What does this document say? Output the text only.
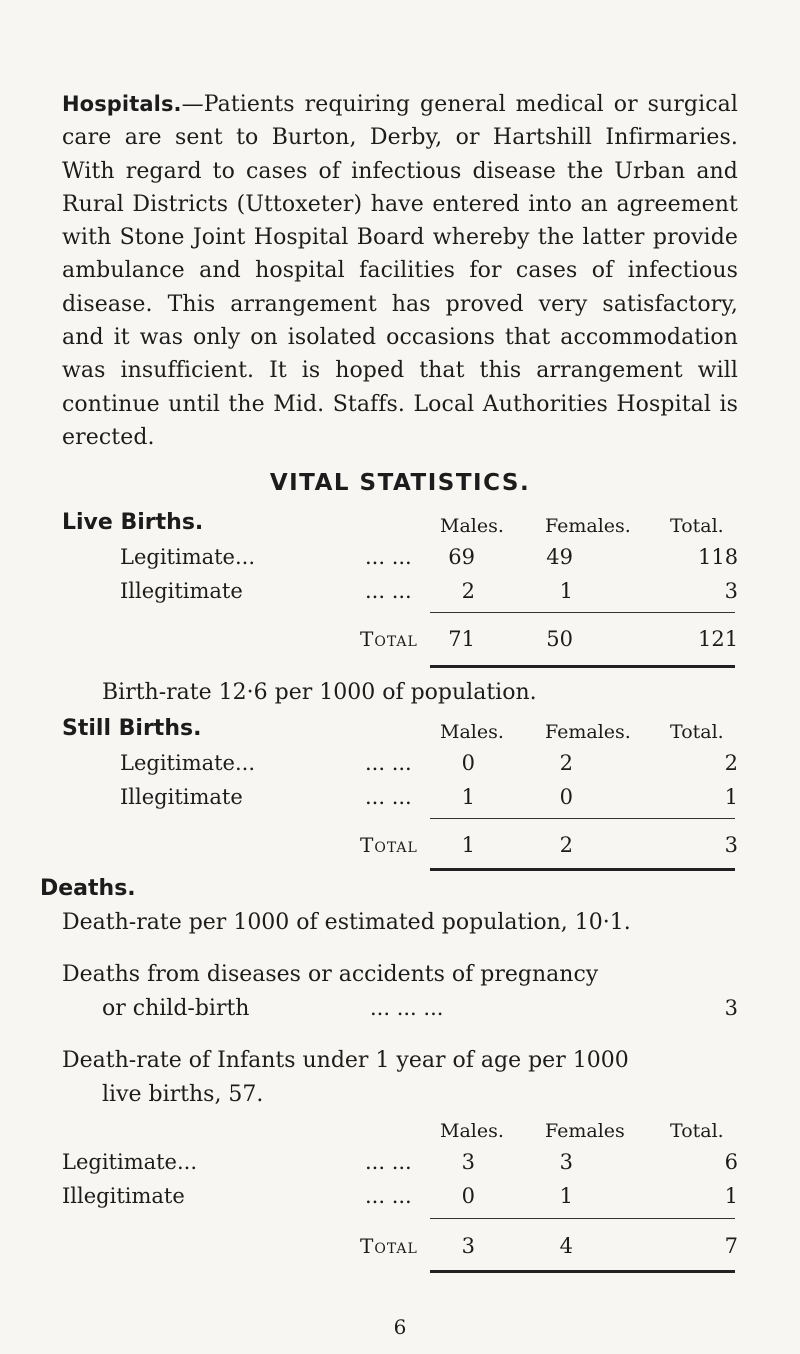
Hospitals.—Patients requiring general medical or surgical care are sent to Burton, Derby, or Hartshill Infirmaries. With regard to cases of infectious disease the Urban and Rural Districts (Uttoxeter) have entered into an agreement with Stone Joint Hospital Board whereby the latter provide ambulance and hospital facilities for cases of infectious disease. This arrangement has proved very satisfactory, and it was only on isolated occasions that accommodation was insufficient. It is hoped that this arrangement will continue until the Mid. Staffs. Local Authorities Hospital is erected.

VITAL STATISTICS.
Live Births.	Males. Females. Total.
Legitimate...	... ...	69	49	118
Illegitimate	... ...	2	1	3
Total	71	50	121
Birth-rate 12·6 per 1000 of population.
Still Births.	Males. Females. Total.
Legitimate...	... ...	0	2	2
Illegitimate	... ...	1	0	1
Total	1	2	3
Deaths.
Death-rate per 1000 of estimated population, 10·1.
Deaths from diseases or accidents of pregnancy
or child-birth	... ... ...	3
Death-rate of Infants under 1 year of age per 1000
live births, 57.
Males. Females Total.
Legitimate...	... ...	3	3	6
Illegitimate	... ...	0	1	1
Total	3	4	7
6
